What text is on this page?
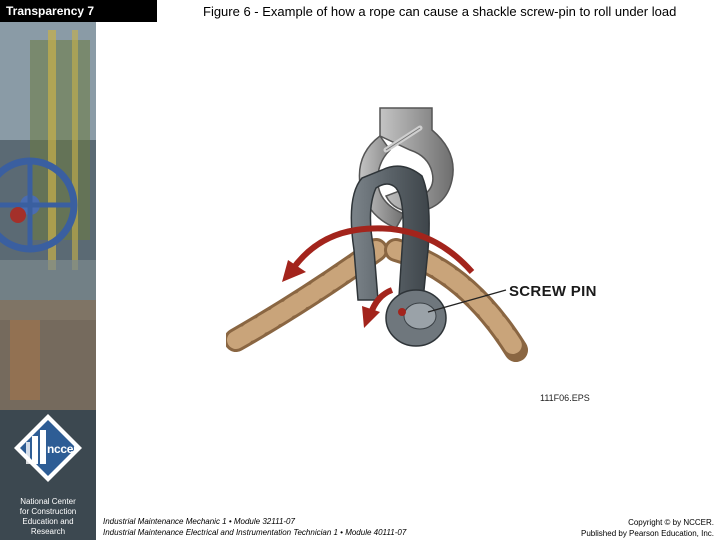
Transparency 7	Figure 6 - Example of how a rope can cause a shackle screw-pin to roll under load
nccer
National Center
for Construction
Education and
Research
SCREW PIN
111F06.EPS
Industrial Maintenance Mechanic 1 • Module 32111-07
Industrial Maintenance Electrical and Instrumentation Technician 1 • Module 40111-07
Copyright © by NCCER.
Published by Pearson Education, Inc.
